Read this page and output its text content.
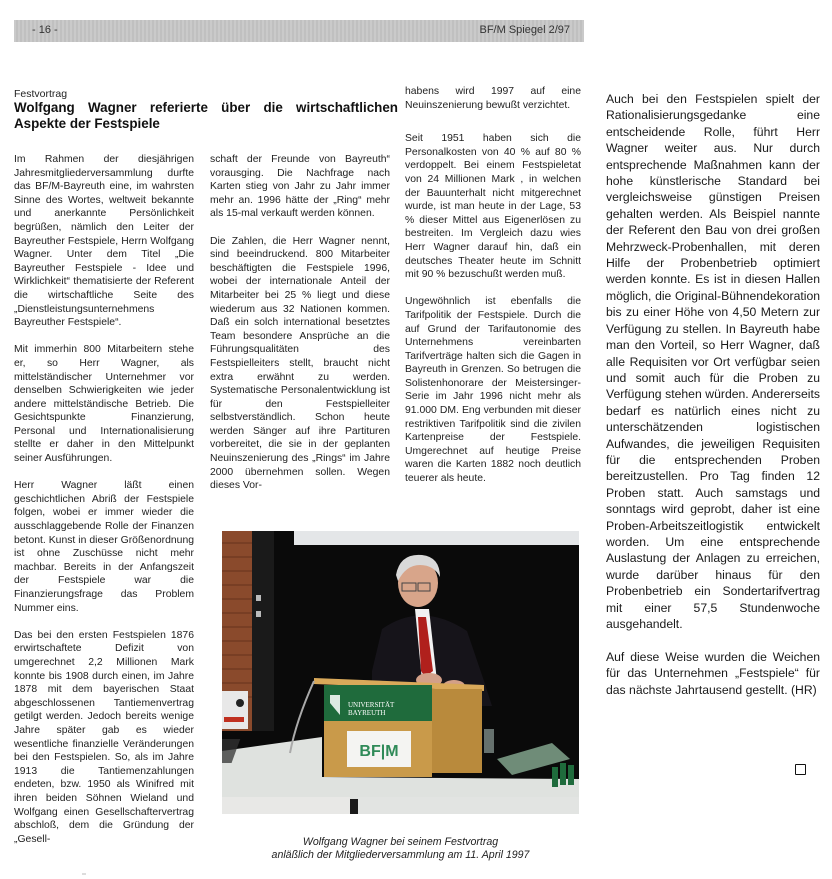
- 16 -	BF/M Spiegel 2/97
Festvortrag
Wolfgang Wagner referierte über die wirtschaftlichen Aspekte der Festspiele

Im Rahmen der diesjährigen Jahresmitgliederversammlung durfte das BF/M-Bayreuth eine, im wahrsten Sinne des Wortes, weltweit bekannte und anerkannte Persönlichkeit begrüßen, nämlich den Leiter der Bayreuther Festspiele, Herrn Wolfgang Wagner. Unter dem Titel „Die Bayreuther Festspiele - Idee und Wirklichkeit“ thematisierte der Referent die wirtschaftliche Seite des „Dienstleistungsunternehmens Bayreuther Festspiele“.

Mit immerhin 800 Mitarbeitern stehe er, so Herr Wagner, als mittelständischer Unternehmer vor denselben Schwierigkeiten wie jeder andere mittelständische Betrieb. Die Gesichtspunkte Finanzierung, Personal und Internationalisierung stellte er daher in den Mittelpunkt seiner Ausführungen.

Herr Wagner läßt einen geschichtlichen Abriß der Festspiele folgen, wobei er immer wieder die ausschlaggebende Rolle der Finanzen betont. Kunst in dieser Größenordnung ist ohne Zuschüsse nicht mehr machbar. Bereits in der Anfangszeit der Festspiele war die Finanzierungsfrage das Problem Nummer eins.

Das bei den ersten Festspielen 1876 erwirtschaftete Defizit von umgerechnet 2,2 Millionen Mark konnte bis 1908 durch einen, im Jahre 1878 mit dem bayerischen Staat abgeschlossenen Tantiemenvertrag getilgt werden. Jedoch bereits wenige Jahre später gab es wieder wesentliche finanzielle Veränderungen bei den Festspielen. So, als im Jahre 1913 die Tantiemenzahlungen endeten, bzw. 1950 als Winifred mit ihren beiden Söhnen Wieland und Wolfgang einen Gesellschaftervertrag abschloß, dem die Gründung der „Gesell-

schaft der Freunde von Bayreuth“ vorausging. Die Nachfrage nach Karten stieg von Jahr zu Jahr immer mehr an. 1996 hätte der „Ring“ mehr als 15-mal verkauft werden können.

Die Zahlen, die Herr Wagner nennt, sind beeindruckend. 800 Mitarbeiter beschäftigten die Festspiele 1996, wobei der internationale Anteil der Mitarbeiter bei 25 % liegt und diese wiederum aus 32 Nationen kommen. Daß ein solch international besetztes Team besondere Ansprüche an die Führungsqualitäten des Festspielleiters stellt, braucht nicht extra erwähnt zu werden. Systematische Personalentwicklung ist für den Festspielleiter selbstverständlich. Schon heute werden Sänger auf ihre Partituren vorbereitet, die sie in der geplanten Neuinszenierung des „Rings“ im Jahre 2000 übernehmen sollen. Wegen dieses Vor-

habens wird 1997 auf eine Neuinszenierung bewußt verzichtet.

Seit 1951 haben sich die Personalkosten von 40 % auf 80 % verdoppelt. Bei einem Festspieletat von 24 Millionen Mark , in welchen der Bauunterhalt nicht mitgerechnet wurde, ist man heute in der Lage, 53 % dieser Mittel aus Eigenerlösen zu bestreiten. Im Vergleich dazu wies Herr Wagner darauf hin, daß ein deutsches Theater heute im Schnitt mit 90 % bezuschußt werden muß.

Ungewöhnlich ist ebenfalls die Tarifpolitik der Festspiele. Durch die auf Grund der Tarifautonomie des Unternehmens vereinbarten Tarifverträge halten sich die Gagen in Bayreuth in Grenzen. So betrugen die Solistenhonorare der Meistersinger-Serie im Jahr 1996 nicht mehr als 91.000 DM. Eng verbunden mit dieser restriktiven Tarifpolitik sind die zivilen Kartenpreise der Festspiele. Umgerechnet auf heutige Preise waren die Karten 1882 noch deutlich teuerer als heute.

Auch bei den Festspielen spielt der Rationalisierungsgedanke eine entscheidende Rolle, führt Herr Wagner weiter aus. Nur durch entsprechende Maßnahmen kann der hohe künstlerische Standard bei vergleichsweise günstigen Preisen gehalten werden. Als Beispiel nannte der Referent den Bau von drei großen Mehrzweck-Probenhallen, mit deren Hilfe der Probenbetrieb optimiert werden konnte. Es ist in diesen Hallen möglich, die Original-Bühnendekoration bis zu einer Höhe von 4,50 Metern zur Verfügung zu stellen. In Bayreuth habe man den Vorteil, so Herr Wagner, daß alle Requisiten vor Ort verfügbar seien und somit auch für die Proben zu Verfügung stehen würden. Andererseits bedarf es natürlich eines nicht zu unterschätzenden logistischen Aufwandes, die jeweiligen Requisiten für die entsprechenden Proben bereitzustellen. Pro Tag finden 12 Proben statt. Auch samstags und sonntags wird geprobt, daher ist eine Proben-Arbeitszeitlogistik entwickelt worden. Um eine entsprechende Auslastung der Anlagen zu erreichen, wurde darüber hinaus für den Probenbetrieb ein Sondertarifvertrag mit einer 57,5 Stundenwoche ausgehandelt.

Auf diese Weise wurden die Weichen für das Unternehmen „Festspiele“ für das nächste Jahrtausend gestellt. (HR)

UNIVERSITÄT
BAYREUTH
BF|M
Wolfgang Wagner bei seinem Festvortrag
anläßlich der Mitgliederversammlung am 11. April 1997
